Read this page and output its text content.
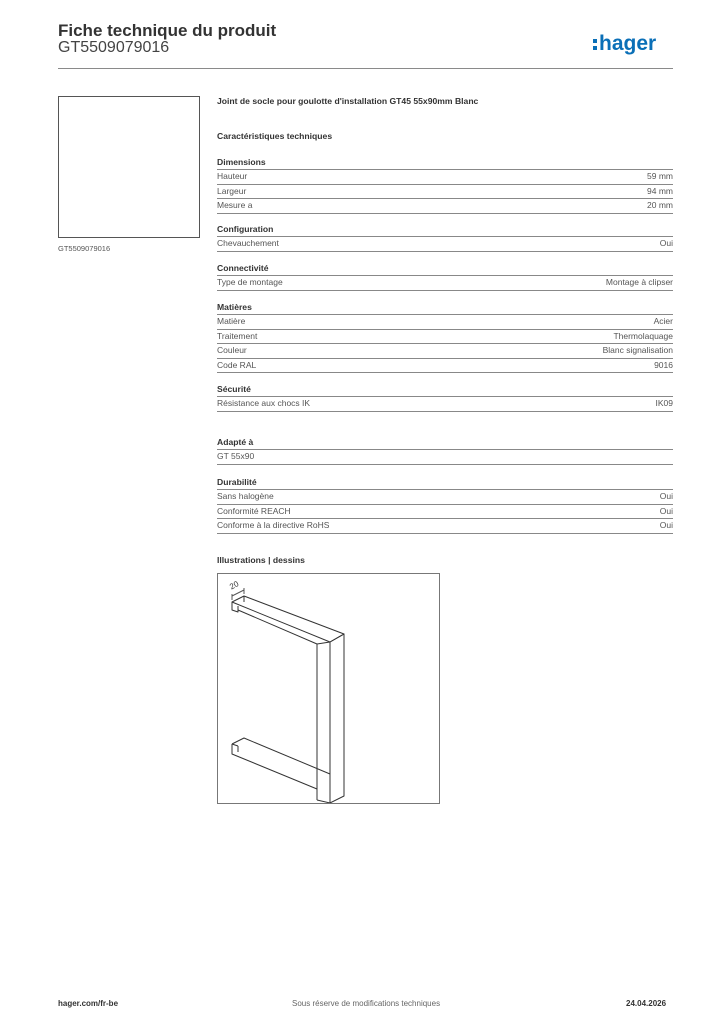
Fiche technique du produit
GT5509079016	hager
GT5509079016
Joint de socle pour goulotte d'installation GT45 55x90mm Blanc
Caractéristiques techniques
Dimensions
Hauteur	59 mm
Largeur	94 mm
Mesure a	20 mm
Configuration
Chevauchement	Oui
Connectivité
Type de montage	Montage à clipser
Matières
Matière	Acier
Traitement	Thermolaquage
Couleur	Blanc signalisation
Code RAL	9016
Sécurité
Résistance aux chocs IK	IK09
Adapté à
GT 55x90
Durabilité
Sans halogène	Oui
Conformité REACH	Oui
Conforme à la directive RoHS	Oui
Illustrations | dessins
20
hager.com/fr-be	Sous réserve de modifications techniques	24.04.2026
